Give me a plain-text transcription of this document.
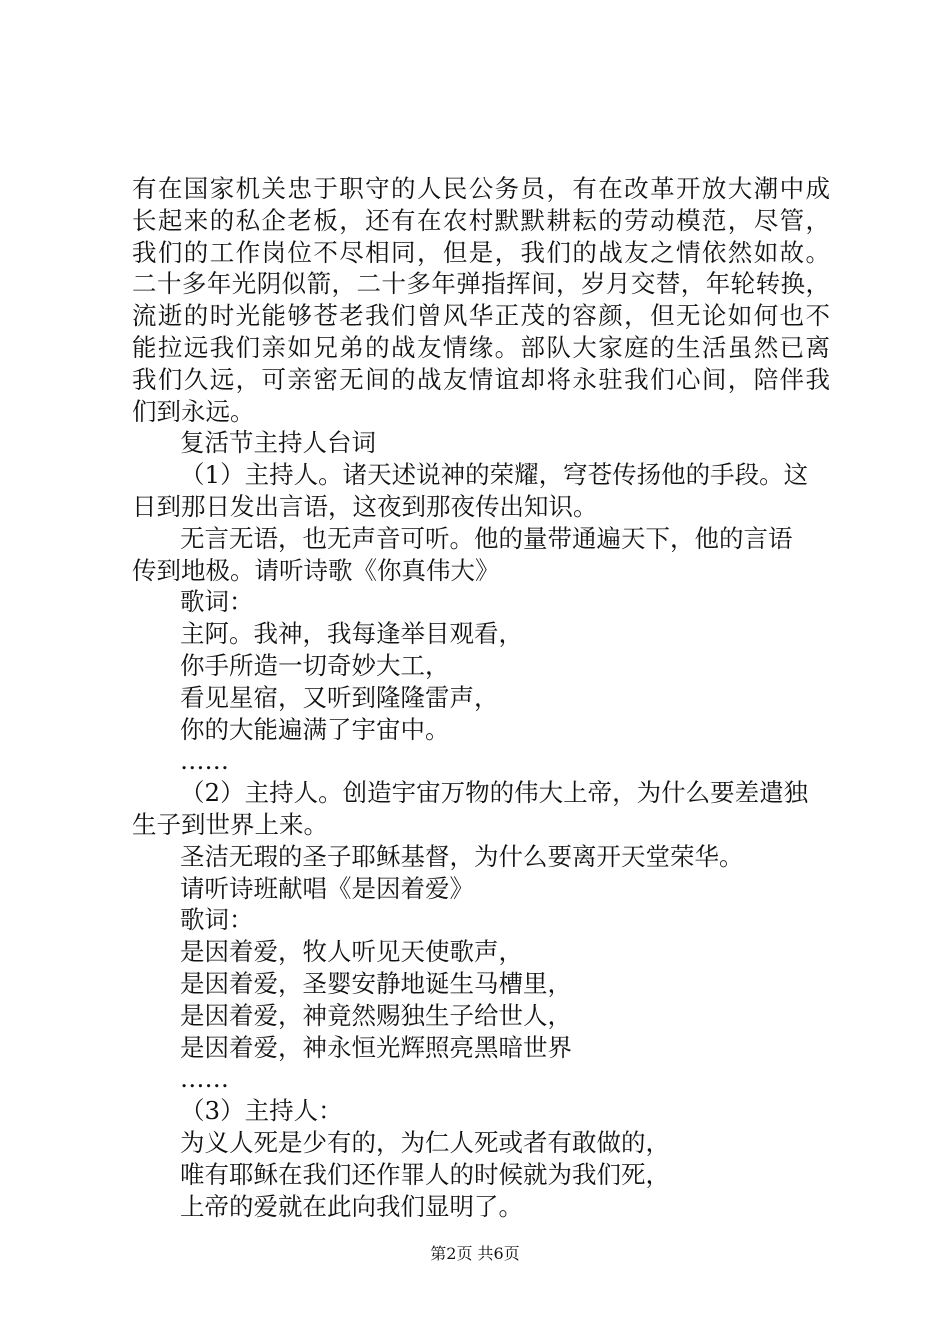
有在国家机关忠于职守的人民公务员，有在改革开放大潮中成
长起来的私企老板，还有在农村默默耕耘的劳动模范，尽管，
我们的工作岗位不尽相同，但是，我们的战友之情依然如故。
二十多年光阴似箭，二十多年弹指挥间，岁月交替，年轮转换，
流逝的时光能够苍老我们曾风华正茂的容颜，但无论如何也不
能拉远我们亲如兄弟的战友情缘。部队大家庭的生活虽然已离
我们久远，可亲密无间的战友情谊却将永驻我们心间，陪伴我
们到永远。
复活节主持人台词
（1）主持人。诸天述说神的荣耀，穹苍传扬他的手段。这
日到那日发出言语，这夜到那夜传出知识。
无言无语，也无声音可听。他的量带通遍天下，他的言语
传到地极。请听诗歌《你真伟大》
歌词：
主阿。我神，我每逢举目观看，
你手所造一切奇妙大工，
看见星宿，又听到隆隆雷声，
你的大能遍满了宇宙中。
……
（2）主持人。创造宇宙万物的伟大上帝，为什么要差遣独
生子到世界上来。
圣洁无瑕的圣子耶稣基督，为什么要离开天堂荣华。
请听诗班献唱《是因着爱》
歌词：
是因着爱，牧人听见天使歌声，
是因着爱，圣婴安静地诞生马槽里，
是因着爱，神竟然赐独生子给世人，
是因着爱，神永恒光辉照亮黑暗世界
……
（3）主持人：
为义人死是少有的，为仁人死或者有敢做的，
唯有耶稣在我们还作罪人的时候就为我们死，
上帝的爱就在此向我们显明了。
第2页 共6页
